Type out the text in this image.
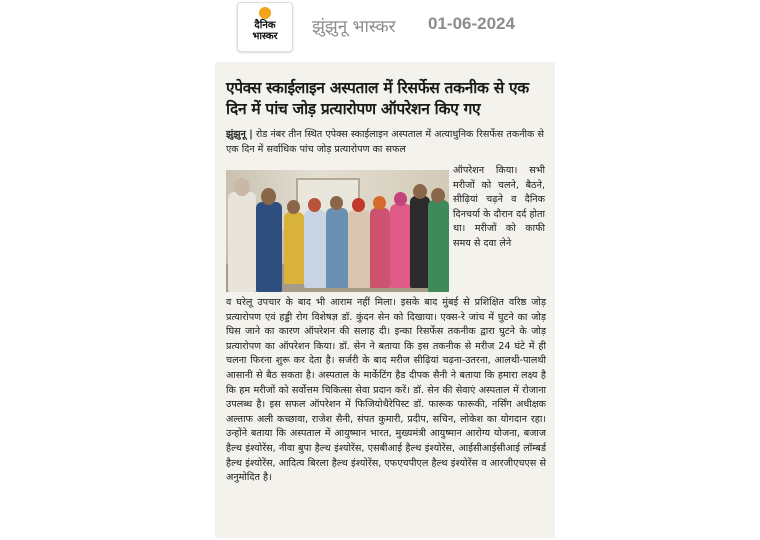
दैनिक
भास्कर	झुंझुनू भास्कर 01-06-2024
एपेक्स स्काईलाइन अस्पताल में रिसर्फेस तकनीक से एक दिन में पांच जोड़ प्रत्यारोपण ऑपरेशन किए गए
झुंझुनू | रोड नंबर तीन स्थित एपेक्स स्काईलाइन अस्पताल में अत्याधुनिक रिसर्फेस तकनीक से एक दिन में सर्वाधिक पांच जोड़ प्रत्यारोपण का सफल
ऑपरेशन किया। सभी मरीजों को चलने, बैठने, सीढ़ियां चढ़ने व दैनिक दिनचर्या के दौरान दर्द होता था। मरीजों को काफी समय से दवा लेने
व घरेलू उपचार के बाद भी आराम नहीं मिला। इसके बाद मुंबई से प्रशिक्षित वरिष्ठ जोड़ प्रत्यारोपण एवं हड्डी रोग विशेषज्ञ डॉ. कुंदन सेन को दिखाया। एक्स-रे जांच में घुटने का जोड़ घिस जाने का कारण ऑपरेशन की सलाह दी। इन्का रिसर्फेस तकनीक द्वारा घुटने के जोड़ प्रत्यारोपण का ऑपरेशन किया। डॉ. सेन ने बताया कि इस तकनीक से मरीज 24 घंटे में ही चलना फिरना शुरू कर देता है। सर्जरी के बाद मरीज सीढ़ियां चढ़ना-उतरना, आलथी-पालथी आसानी से बैठ सकता है। अस्पताल के मार्केटिंग हैड दीपक सैनी ने बताया कि हमारा लक्ष्य है कि हम मरीजों को सर्वोत्तम चिकित्सा सेवा प्रदान करें। डॉ. सेन की सेवाएं अस्पताल में रोजाना उपलब्ध है। इस सफल ऑपरेशन में फिजियोथैरेपिस्ट डॉ. फारूक फारूकी, नर्सिंग अधीक्षक अल्ताफ अली कच्छावा, राजेश सैनी, संपत कुमारी, प्रदीप, सचिन, लोकेश का योगदान रहा। उन्होंने बताया कि अस्पताल में आयुष्मान भारत, मुख्यमंत्री आयुष्मान आरोग्य योजना, बजाज हैल्थ इंश्योरेंस, नीवा बुपा हैल्थ इंश्योरेंस, एसबीआई हैल्थ इंश्योरेंस, आईसीआईसीआई लॉम्बर्ड हैल्थ इंश्योरेंस, आदित्य बिरला हैल्थ इंश्योरेंस, एफएचपीएल हैल्थ इंश्योरेंस व आरजीएचएस से अनुमोदित है।
